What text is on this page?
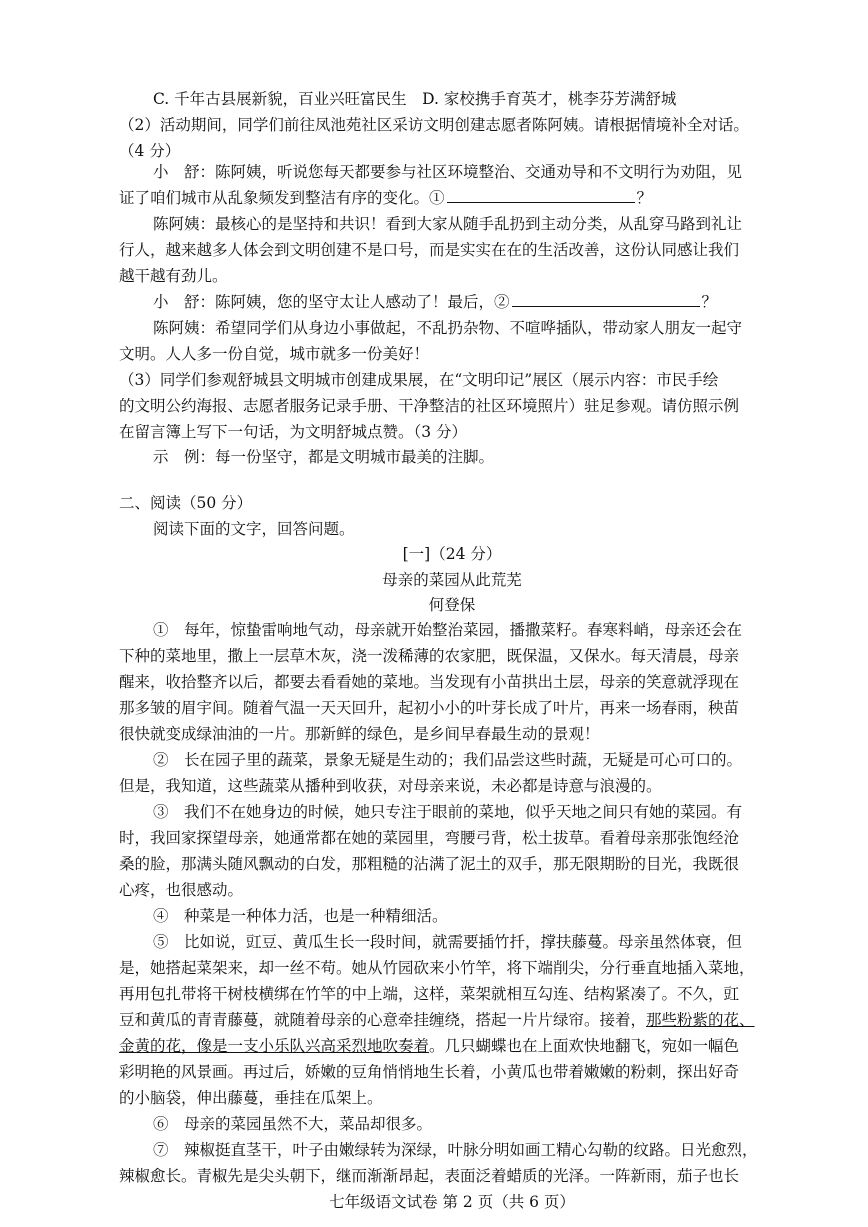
C. 千年古县展新貌，百业兴旺富民生　D. 家校携手育英才，桃李芬芳满舒城
（2）活动期间，同学们前往凤池苑社区采访文明创建志愿者陈阿姨。请根据情境补全对话。
（4 分）
小　舒：陈阿姨，听说您每天都要参与社区环境整治、交通劝导和不文明行为劝阻，见
证了咱们城市从乱象频发到整洁有序的变化。①	？
陈阿姨：最核心的是坚持和共识！看到大家从随手乱扔到主动分类，从乱穿马路到礼让
行人，越来越多人体会到文明创建不是口号，而是实实在在的生活改善，这份认同感让我们
越干越有劲儿。
小　舒：陈阿姨，您的坚守太让人感动了！最后，②	？
陈阿姨：希望同学们从身边小事做起，不乱扔杂物、不喧哗插队，带动家人朋友一起守
文明。人人多一份自觉，城市就多一份美好！
（3）同学们参观舒城县文明城市创建成果展，在“文明印记”展区（展示内容：市民手绘
的文明公约海报、志愿者服务记录手册、干净整洁的社区环境照片）驻足参观。请仿照示例
在留言簿上写下一句话，为文明舒城点赞。（3 分）
示　例：每一份坚守，都是文明城市最美的注脚。
二、阅读（50 分）
阅读下面的文字，回答问题。
[一]（24 分）
母亲的菜园从此荒芜
何登保
①　每年，惊蛰雷响地气动，母亲就开始整治菜园，播撒菜籽。春寒料峭，母亲还会在
下种的菜地里，撒上一层草木灰，浇一泼稀薄的农家肥，既保温，又保水。每天清晨，母亲
醒来，收拾整齐以后，都要去看看她的菜地。当发现有小苗拱出土层，母亲的笑意就浮现在
那多皱的眉宇间。随着气温一天天回升，起初小小的叶芽长成了叶片，再来一场春雨，秧苗
很快就变成绿油油的一片。那新鲜的绿色，是乡间早春最生动的景观！
②　长在园子里的蔬菜，景象无疑是生动的；我们品尝这些时蔬，无疑是可心可口的。
但是，我知道，这些蔬菜从播种到收获，对母亲来说，未必都是诗意与浪漫的。
③　我们不在她身边的时候，她只专注于眼前的菜地，似乎天地之间只有她的菜园。有
时，我回家探望母亲，她通常都在她的菜园里，弯腰弓背，松土拔草。看着母亲那张饱经沧
桑的脸，那满头随风飘动的白发，那粗糙的沾满了泥土的双手，那无限期盼的目光，我既很
心疼，也很感动。
④　种菜是一种体力活，也是一种精细活。
⑤　比如说，豇豆、黄瓜生长一段时间，就需要插竹扦，撑扶藤蔓。母亲虽然体衰，但
是，她搭起菜架来，却一丝不苟。她从竹园砍来小竹竿，将下端削尖，分行垂直地插入菜地，
再用包扎带将干树枝横绑在竹竿的中上端，这样，菜架就相互勾连、结构紧凑了。不久，豇
豆和黄瓜的青青藤蔓，就随着母亲的心意牵挂缠绕，搭起一片片绿帘。接着，那些粉紫的花、
金黄的花，像是一支小乐队兴高采烈地吹奏着。几只蝴蝶也在上面欢快地翻飞，宛如一幅色
彩明艳的风景画。再过后，娇嫩的豆角悄悄地生长着，小黄瓜也带着嫩嫩的粉刺，探出好奇
的小脑袋，伸出藤蔓，垂挂在瓜架上。
⑥　母亲的菜园虽然不大，菜品却很多。
⑦　辣椒挺直茎干，叶子由嫩绿转为深绿，叶脉分明如画工精心勾勒的纹路。日光愈烈，
辣椒愈长。青椒先是尖头朝下，继而渐渐昂起，表面泛着蜡质的光泽。一阵新雨，茄子也长
七年级语文试卷 第 2 页（共 6 页）
